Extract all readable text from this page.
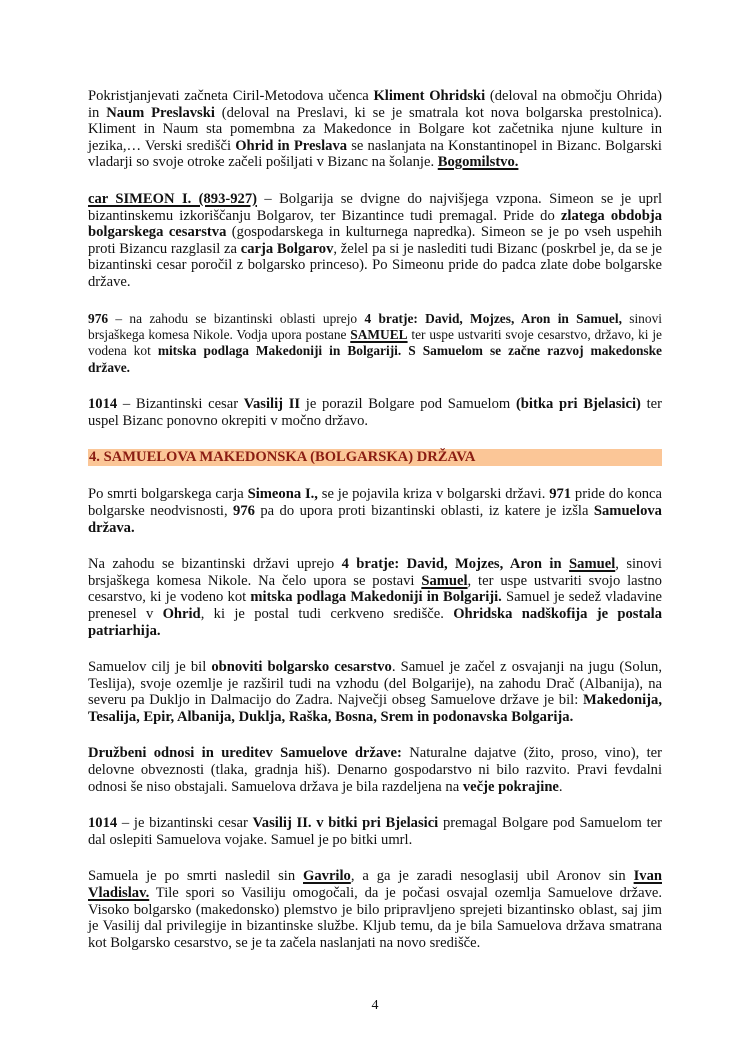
Pokristjanjevati začneta Ciril-Metodova učenca Kliment Ohridski (deloval na območju Ohrida) in Naum Preslavski (deloval na Preslavi, ki se je smatrala kot nova bolgarska prestolnica). Kliment in Naum sta pomembna za Makedonce in Bolgare kot začetnika njune kulture in jezika,… Verski središči Ohrid in Preslava se naslanjata na Konstantinopel in Bizanc. Bolgarski vladarji so svoje otroke začeli pošiljati v Bizanc na šolanje. Bogomilstvo.

car SIMEON I. (893-927) – Bolgarija se dvigne do najvišjega vzpona. Simeon se je uprl bizantinskemu izkoriščanju Bolgarov, ter Bizantince tudi premagal. Pride do zlatega obdobja bolgarskega cesarstva (gospodarskega in kulturnega napredka). Simeon se je po vseh uspehih proti Bizancu razglasil za carja Bolgarov, želel pa si je naslediti tudi Bizanc (poskrbel je, da se je bizantinski cesar poročil z bolgarsko princeso). Po Simeonu pride do padca zlate dobe bolgarske države.

976 – na zahodu se bizantinski oblasti uprejo 4 bratje: David, Mojzes, Aron in Samuel, sinovi brsjaškega komesa Nikole. Vodja upora postane SAMUEL ter uspe ustvariti svoje cesarstvo, državo, ki je vodena kot mitska podlaga Makedoniji in Bolgariji. S Samuelom se začne razvoj makedonske države.

1014 – Bizantinski cesar Vasilij II je porazil Bolgare pod Samuelom (bitka pri Bjelasici) ter uspel Bizanc ponovno okrepiti v močno državo.

4. SAMUELOVA MAKEDONSKA (BOLGARSKA) DRŽAVA

Po smrti bolgarskega carja Simeona I., se je pojavila kriza v bolgarski državi. 971 pride do konca bolgarske neodvisnosti, 976 pa do upora proti bizantinski oblasti, iz katere je izšla Samuelova država.

Na zahodu se bizantinski državi uprejo 4 bratje: David, Mojzes, Aron in Samuel, sinovi brsjaškega komesa Nikole. Na čelo upora se postavi Samuel, ter uspe ustvariti svojo lastno cesarstvo, ki je vodeno kot mitska podlaga Makedoniji in Bolgariji. Samuel je sedež vladavine prenesel v Ohrid, ki je postal tudi cerkveno središče. Ohridska nadškofija je postala patriarhija.

Samuelov cilj je bil obnoviti bolgarsko cesarstvo. Samuel je začel z osvajanji na jugu (Solun, Teslija), svoje ozemlje je razširil tudi na vzhodu (del Bolgarije), na zahodu Drač (Albanija), na severu pa Dukljo in Dalmacijo do Zadra. Največji obseg Samuelove države je bil: Makedonija, Tesalija, Epir, Albanija, Duklja, Raška, Bosna, Srem in podonavska Bolgarija.

Družbeni odnosi in ureditev Samuelove države: Naturalne dajatve (žito, proso, vino), ter delovne obveznosti (tlaka, gradnja hiš). Denarno gospodarstvo ni bilo razvito. Pravi fevdalni odnosi še niso obstajali. Samuelova država je bila razdeljena na večje pokrajine.

1014 – je bizantinski cesar Vasilij II. v bitki pri Bjelasici premagal Bolgare pod Samuelom ter dal oslepiti Samuelova vojake. Samuel je po bitki umrl.

Samuela je po smrti nasledil sin Gavrilo, a ga je zaradi nesoglasij ubil Aronov sin Ivan Vladislav. Tile spori so Vasiliju omogočali, da je počasi osvajal ozemlja Samuelove države. Visoko bolgarsko (makedonsko) plemstvo je bilo pripravljeno sprejeti bizantinsko oblast, saj jim je Vasilij dal privilegije in bizantinske službe. Kljub temu, da je bila Samuelova država smatrana kot Bolgarsko cesarstvo, se je ta začela naslanjati na novo središče.

4
